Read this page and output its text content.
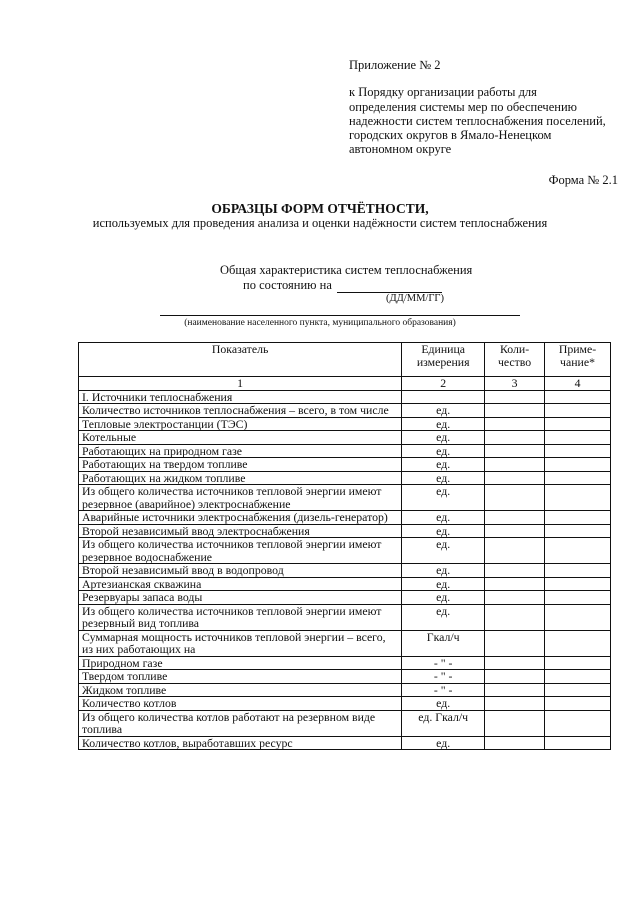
Приложение № 2
к Порядку организации работы для
определения системы мер по обеспечению
надежности систем теплоснабжения поселений,
городских округов в Ямало-Ненецком
автономном округе
Форма № 2.1
ОБРАЗЦЫ ФОРМ ОТЧЁТНОСТИ,
используемых для проведения анализа и оценки надёжности систем теплоснабжения
Общая характеристика систем теплоснабжения
по состоянию на
(ДД/ММ/ГГ)
(наименование населенного пункта, муниципального образования)
Показатель	Единица измерения	Коли- чество	Приме- чание*
1	2	3	4
I. Источники теплоснабжения			
Количество источников теплоснабжения – всего, в том числе	ед.		
Тепловые электростанции (ТЭС)	ед.		
Котельные	ед.		
Работающих на природном газе	ед.		
Работающих на твердом топливе	ед.		
Работающих на жидком топливе	ед.		
Из общего количества источников тепловой энергии имеют резервное (аварийное) электроснабжение	ед.		
Аварийные источники электроснабжения (дизель-генератор)	ед.		
Второй независимый ввод электроснабжения	ед.		
Из общего количества источников тепловой энергии имеют резервное водоснабжение	ед.		
Второй независимый ввод в водопровод	ед.		
Артезианская скважина	ед.		
Резервуары запаса воды	ед.		
Из общего количества источников тепловой энергии имеют резервный вид топлива	ед.		
Суммарная мощность источников тепловой энергии – всего, из них работающих на	Гкал/ч		
Природном газе	- " -		
Твердом топливе	- " -		
Жидком топливе	- " -		
Количество котлов	ед.		
Из общего количества котлов работают на резервном виде топлива	ед. Гкал/ч		
Количество котлов, выработавших ресурс	ед.		
